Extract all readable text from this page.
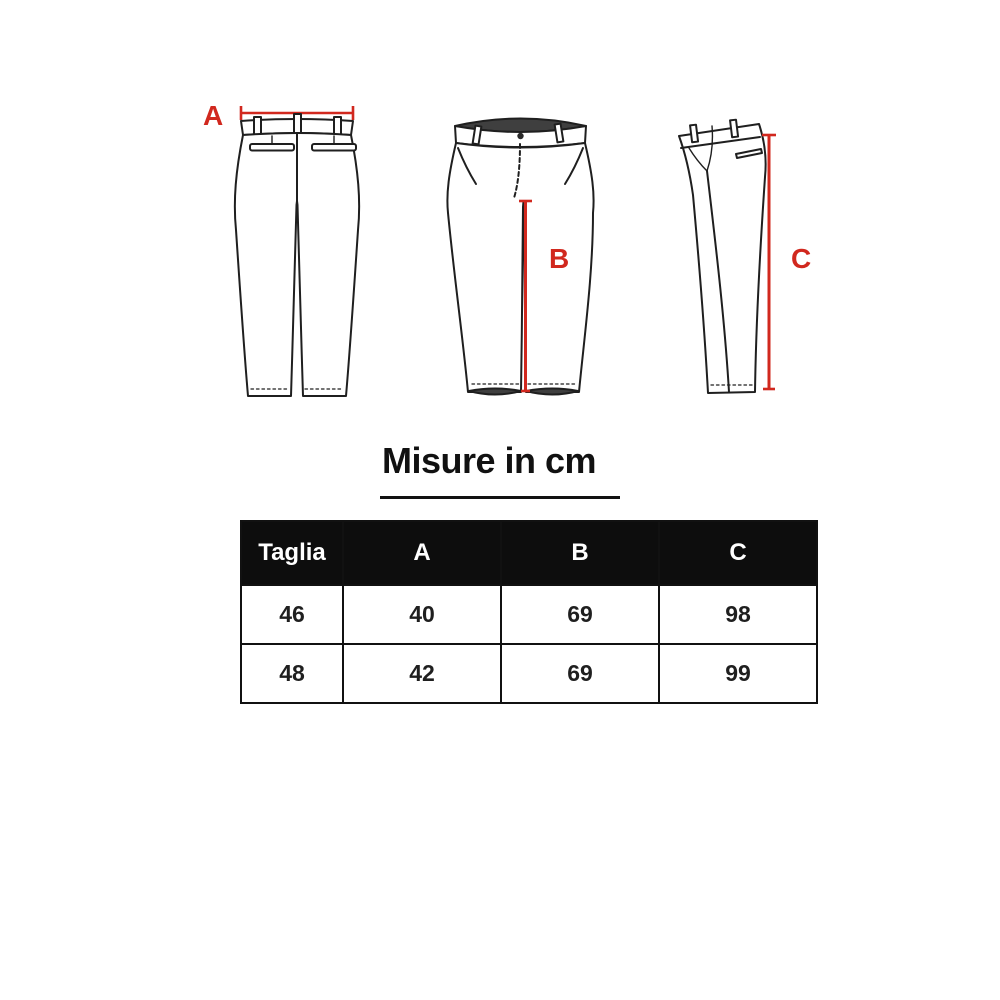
A
B	C
Misure in cm
Taglia	A	B	C
46	40	69	98
48	42	69	99
